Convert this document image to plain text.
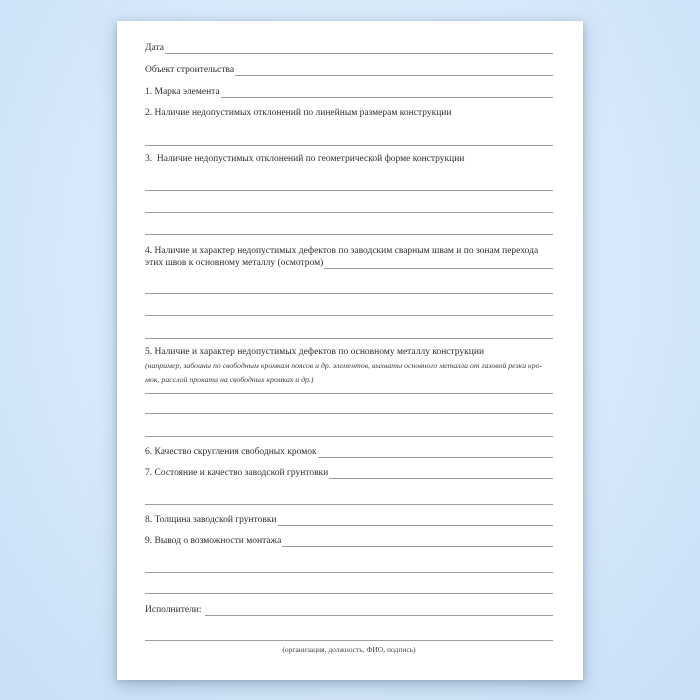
Дата
Объект строительства
1. Марка элемента
2. Наличие недопустимых отклонений по линейным размерам конструкции
3.  Наличие недопустимых отклонений по геометрической форме конструкции
4. Наличие и характер недопустимых дефектов по заводским сварным швам и по зонам перехода
этих швов к основному металлу (осмотром)
5. Наличие и характер недопустимых дефектов по основному металлу конструкции
(например, забоины по свободным кромкам поясов и др. элементов, выхваты основного металла от газовой резки кро-
мок, расслой проката на свободных кромках и др.)
6. Качество скругления свободных кромок
7. Состояние и качество заводской грунтовки
8. Толщина заводской грунтовки
9. Вывод о возможности монтажа
Исполнители:
(организация, должность, ФИО, подпись)
